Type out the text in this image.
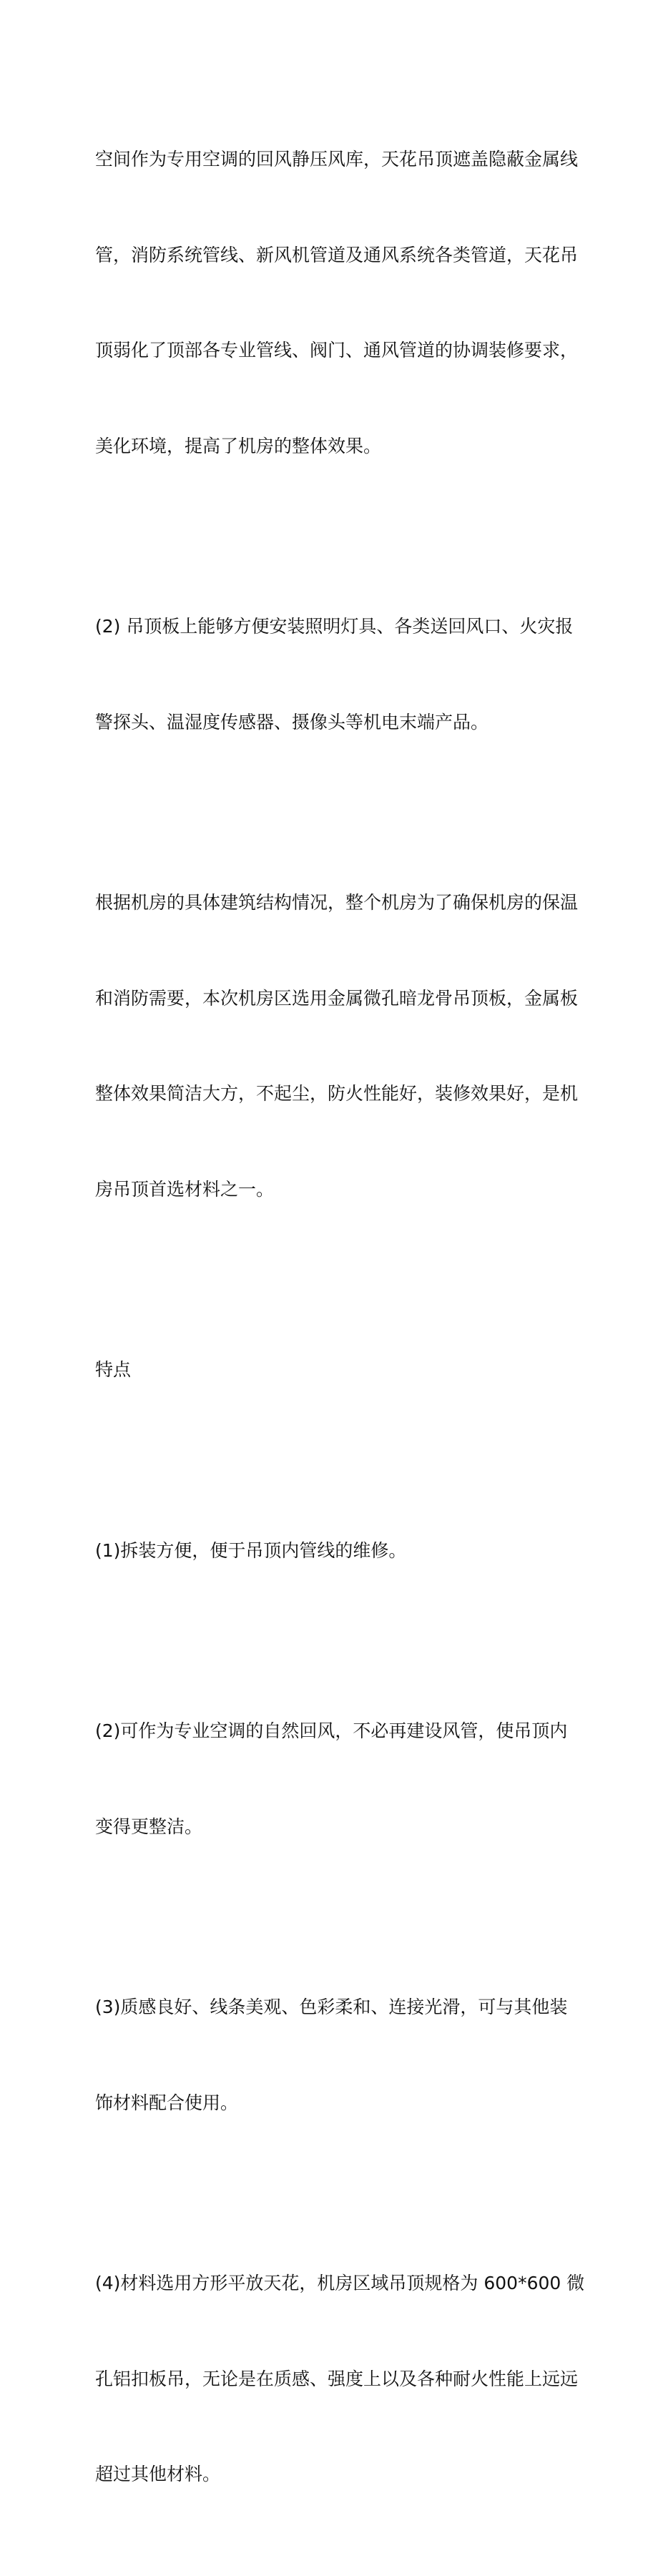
空间作为专用空调的回风静压风库，天花吊顶遮盖隐蔽金属线

管，消防系统管线、新风机管道及通风系统各类管道，天花吊

顶弱化了顶部各专业管线、阀门、通风管道的协调装修要求，

美化环境，提高了机房的整体效果。

(2) 吊顶板上能够方便安装照明灯具、各类送回风口、火灾报

警探头、温湿度传感器、摄像头等机电末端产品。

根据机房的具体建筑结构情况，整个机房为了确保机房的保温

和消防需要，本次机房区选用金属微孔暗龙骨吊顶板，金属板

整体效果简洁大方，不起尘，防火性能好，装修效果好，是机

房吊顶首选材料之一。

特点

(1)拆装方便，便于吊顶内管线的维修。

(2)可作为专业空调的自然回风，不必再建设风管，使吊顶内

变得更整洁。

(3)质感良好、线条美观、色彩柔和、连接光滑，可与其他装

饰材料配合使用。

(4)材料选用方形平放天花，机房区域吊顶规格为 600*600 微

孔铝扣板吊，无论是在质感、强度上以及各种耐火性能上远远

超过其他材料。
